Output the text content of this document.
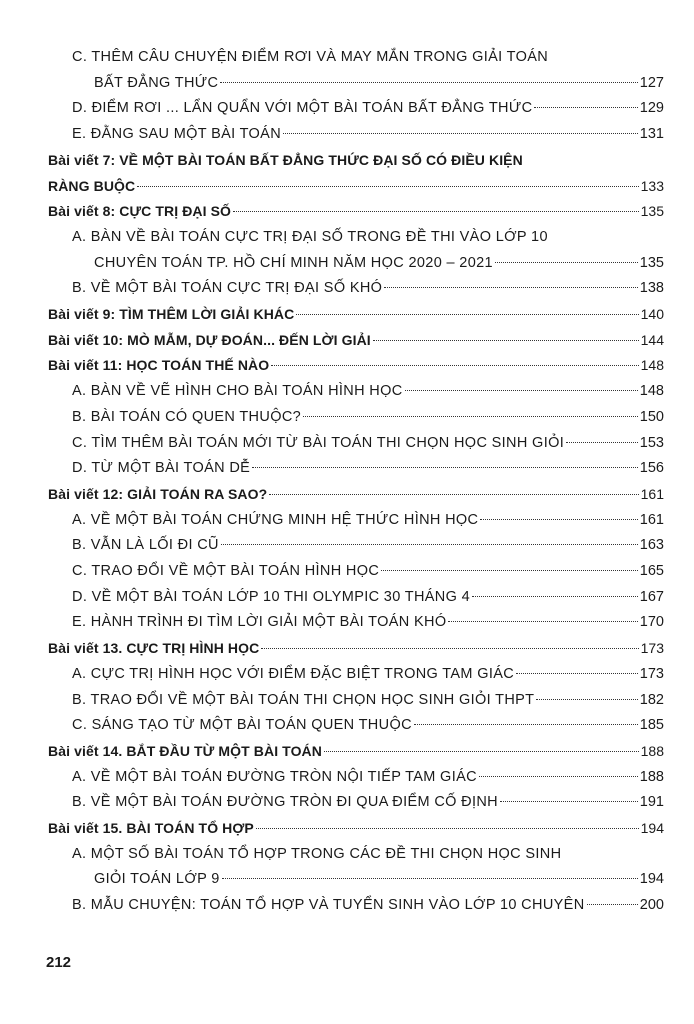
C. THÊM CÂU CHUYỆN ĐIỂM RƠI VÀ MAY MẮN TRONG GIẢI TOÁN
BẤT ĐẲNG THỨC	127
D. ĐIỂM RƠI ... LẨN QUẨN VỚI MỘT BÀI TOÁN BẤT ĐẲNG THỨC	129
E. ĐẰNG SAU MỘT BÀI TOÁN	131
Bài viết 7: VỀ MỘT BÀI TOÁN BẤT ĐẲNG THỨC ĐẠI SỐ CÓ ĐIỀU KIỆN
RÀNG BUỘC	133
Bài viết 8: CỰC TRỊ ĐẠI SỐ	135
A. BÀN VỀ BÀI TOÁN CỰC TRỊ ĐẠI SỐ TRONG ĐỀ THI VÀO LỚP 10
CHUYÊN TOÁN TP. HỒ CHÍ MINH NĂM HỌC 2020 – 2021	135
B. VỀ MỘT BÀI TOÁN CỰC TRỊ ĐẠI SỐ KHÓ	138
Bài viết 9: TÌM THÊM LỜI GIẢI KHÁC	140
Bài viết 10: MÒ MẪM, DỰ ĐOÁN... ĐẾN LỜI GIẢI	144
Bài viết 11: HỌC TOÁN THẾ NÀO	148
A. BÀN VỀ VẼ HÌNH CHO BÀI TOÁN HÌNH HỌC	148
B. BÀI TOÁN CÓ QUEN THUỘC?	150
C. TÌM THÊM BÀI TOÁN MỚI TỪ BÀI TOÁN THI CHỌN HỌC SINH GIỎI	153
D. TỪ MỘT BÀI TOÁN DỄ	156
Bài viết 12: GIẢI TOÁN RA SAO?	161
A. VỀ MỘT BÀI TOÁN CHỨNG MINH HỆ THỨC HÌNH HỌC	161
B. VẪN LÀ LỐI ĐI CŨ	163
C. TRAO ĐỔI VỀ MỘT BÀI TOÁN HÌNH HỌC	165
D. VỀ MỘT BÀI TOÁN LỚP 10 THI OLYMPIC 30 THÁNG 4	167
E. HÀNH TRÌNH ĐI TÌM LỜI GIẢI MỘT BÀI TOÁN KHÓ	170
Bài viết 13. CỰC TRỊ HÌNH HỌC	173
A. CỰC TRỊ HÌNH HỌC VỚI ĐIỂM ĐẶC BIỆT TRONG TAM GIÁC	173
B. TRAO ĐỔI VỀ MỘT BÀI TOÁN THI CHỌN HỌC SINH GIỎI THPT	182
C. SÁNG TẠO TỪ MỘT BÀI TOÁN QUEN THUỘC	185
Bài viết 14. BẮT ĐẦU TỪ MỘT BÀI TOÁN	188
A. VỀ MỘT BÀI TOÁN ĐƯỜNG TRÒN NỘI TIẾP TAM GIÁC	188
B. VỀ MỘT BÀI TOÁN ĐƯỜNG TRÒN ĐI QUA ĐIỂM CỐ ĐỊNH	191
Bài viết 15. BÀI TOÁN TỔ HỢP	194
A. MỘT SỐ BÀI TOÁN TỔ HỢP TRONG CÁC ĐỀ THI CHỌN HỌC SINH
GIỎI TOÁN LỚP 9	194
B. MẪU CHUYỆN: TOÁN TỔ HỢP VÀ TUYỂN SINH VÀO LỚP 10 CHUYÊN	200
212
